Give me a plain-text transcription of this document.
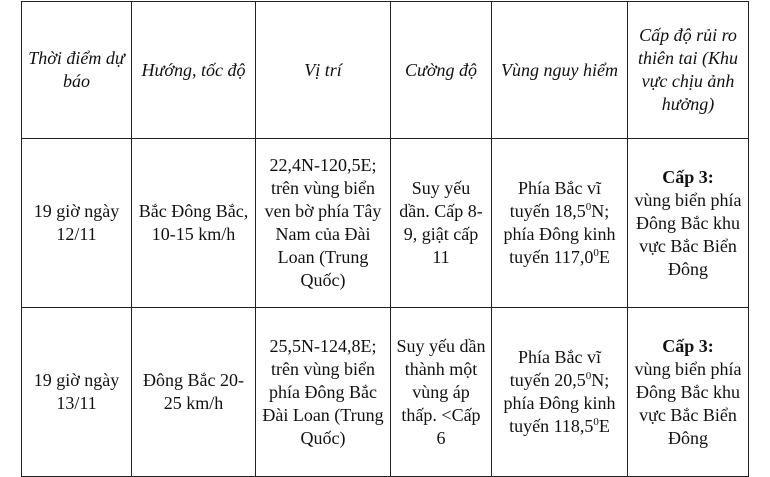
Thời điểm dự báo	Hướng, tốc độ	Vị trí	Cường độ	Vùng nguy hiểm	Cấp độ rủi ro thiên tai (Khu vực chịu ảnh hưởng)

19 giờ ngày 12/11	Bắc Đông Bắc, 10-15 km/h	22,4N-120,5E; trên vùng biển ven bờ phía Tây Nam của Đài Loan (Trung Quốc)	Suy yếu dần. Cấp 8-9, giật cấp 11	Phía Bắc vĩ tuyến 18,5$^0$N; phía Đông kinh tuyến 117,0$^0$E	Cấp 3:
vùng biển phía Đông Bắc khu vực Bắc Biển Đông

19 giờ ngày 13/11	Đông Bắc 20-25 km/h	25,5N-124,8E; trên vùng biển phía Đông Bắc Đài Loan (Trung Quốc)	Suy yếu dần thành một vùng áp thấp. <Cấp 6	Phía Bắc vĩ tuyến 20,5$^0$N; phía Đông kinh tuyến 118,5$^0$E	Cấp 3:
vùng biển phía Đông Bắc khu vực Bắc Biển Đông
